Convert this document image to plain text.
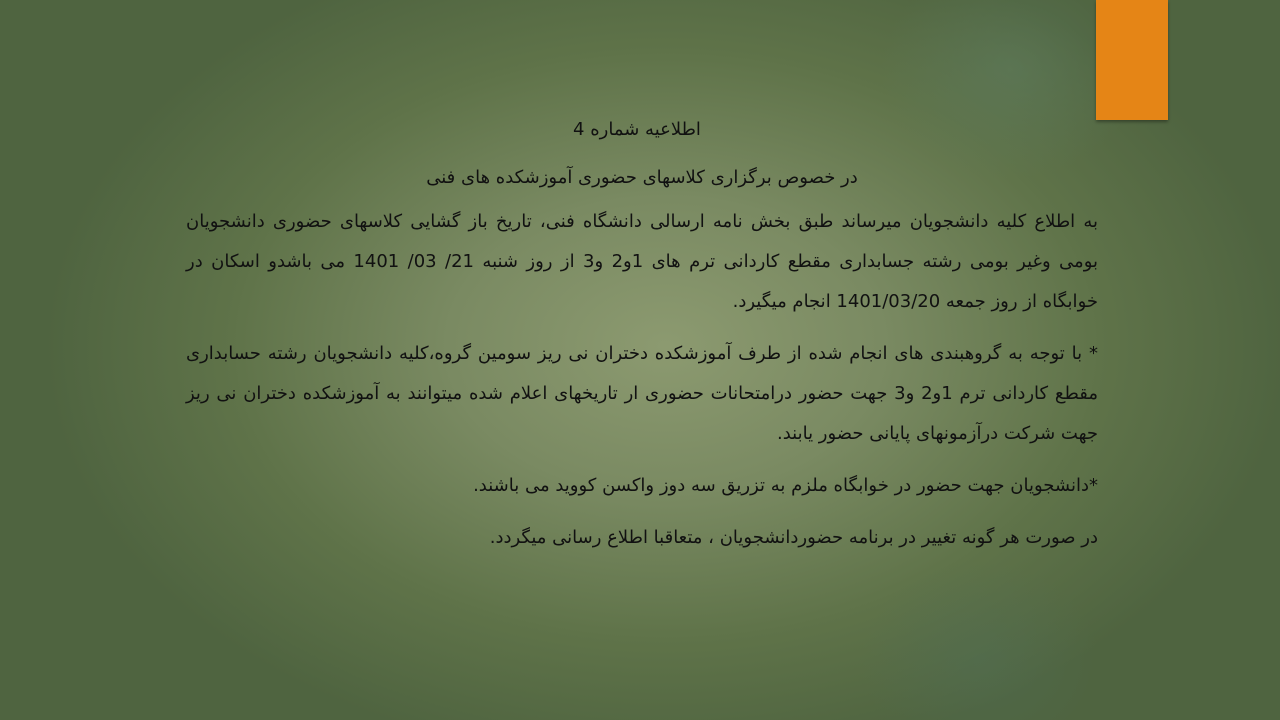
اطلاعیه شماره 4

در خصوص برگزاری کلاسهای حضوری آموزشکده های فنی

به اطلاع کلیه دانشجویان میرساند طبق بخش نامه ارسالی دانشگاه فنی، تاریخ باز گشایی کلاسهای حضوری دانشجویان بومی وغیر بومی رشته جسابداری مقطع کاردانی ترم های 1و2 و3 از روز شنبه 21/ 03/ 1401 می باشدو اسکان در خوابگاه از روز جمعه 1401/03/20 انجام میگیرد.

* با توجه به گروهبندی های انجام شده از طرف آموزشکده دختران نی ریز سومین گروه،کلیه دانشجویان رشته حسابداری مقطع کاردانی ترم 1و2 و3 جهت حضور درامتحانات حضوری ار تاریخهای اعلام شده میتوانند به آموزشکده دختران نی ریز جهت شرکت درآزمونهای پایانی حضور یابند.

*دانشجویان جهت حضور در خوابگاه ملزم به تزریق سه دوز واکسن کووید می باشند.

در صورت هر گونه تغییر در برنامه حضوردانشجویان ، متعاقبا اطلاع رسانی میگردد.
